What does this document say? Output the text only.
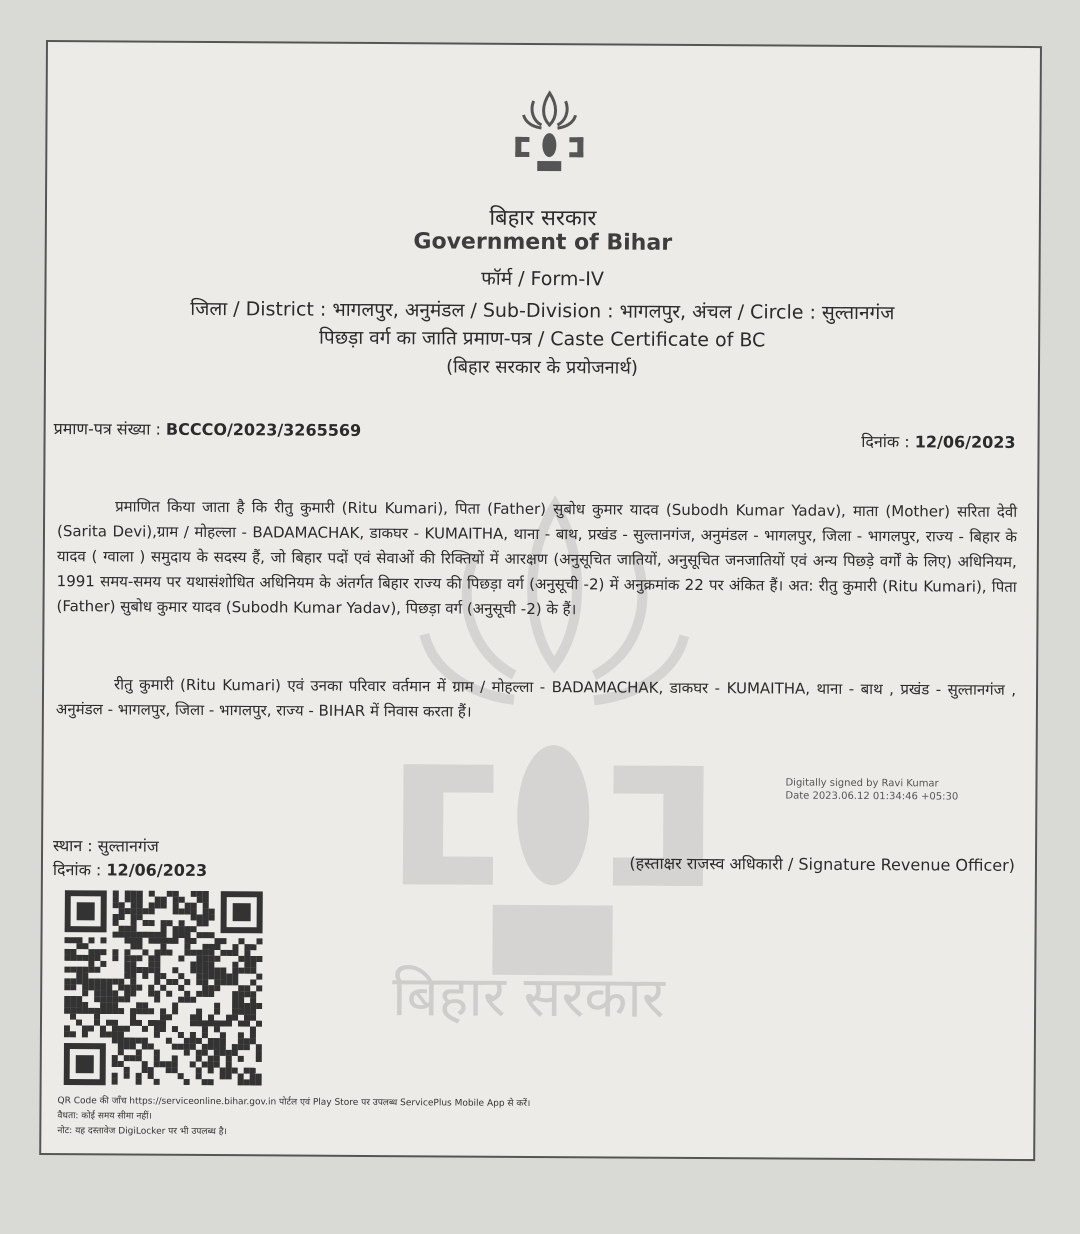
बिहार सरकार
बिहार सरकार
Government of Bihar
फॉर्म / Form-IV
जिला / District : भागलपुर, अनुमंडल / Sub-Division : भागलपुर, अंचल / Circle : सुल्तानगंज
पिछड़ा वर्ग का जाति प्रमाण-पत्र / Caste Certificate of BC
(बिहार सरकार के प्रयोजनार्थ)
प्रमाण-पत्र संख्या : BCCCO/2023/3265569
दिनांक : 12/06/2023
प्रमाणित किया जाता है कि रीतु कुमारी (Ritu Kumari), पिता (Father) सुबोध कुमार यादव (Subodh Kumar Yadav), माता (Mother) सरिता देवी (Sarita Devi),ग्राम / मोहल्ला - BADAMACHAK, डाकघर - KUMAITHA, थाना - बाथ, प्रखंड - सुल्तानगंज, अनुमंडल - भागलपुर, जिला - भागलपुर, राज्य - बिहार के यादव ( ग्वाला ) समुदाय के सदस्य हैं, जो बिहार पदों एवं सेवाओं की रिक्तियों में आरक्षण (अनुसूचित जातियों, अनुसूचित जनजातियों एवं अन्य पिछड़े वर्गों के लिए) अधिनियम, 1991 समय-समय पर यथासंशोधित अधिनियम के अंतर्गत बिहार राज्य की पिछड़ा वर्ग (अनुसूची -2) में अनुक्रमांक 22 पर अंकित हैं। अत: रीतु कुमारी (Ritu Kumari), पिता (Father) सुबोध कुमार यादव (Subodh Kumar Yadav), पिछड़ा वर्ग (अनुसूची -2) के हैं।
रीतु कुमारी (Ritu Kumari) एवं उनका परिवार वर्तमान में ग्राम / मोहल्ला - BADAMACHAK, डाकघर - KUMAITHA, थाना - बाथ , प्रखंड - सुल्तानगंज , अनुमंडल - भागलपुर, जिला - भागलपुर, राज्य - BIHAR में निवास करता हैं।
Digitally signed by Ravi Kumar
Date 2023.06.12 01:34:46 +05:30
स्थान : सुल्तानगंज
दिनांक : 12/06/2023	(हस्ताक्षर राजस्व अधिकारी / Signature Revenue Officer)
QR Code की जाँच https://serviceonline.bihar.gov.in पोर्टल एवं Play Store पर उपलब्ध ServicePlus Mobile App से करें।
वैधता: कोई समय सीमा नहीं।
नोट: यह दस्तावेज DigiLocker पर भी उपलब्ध है।
